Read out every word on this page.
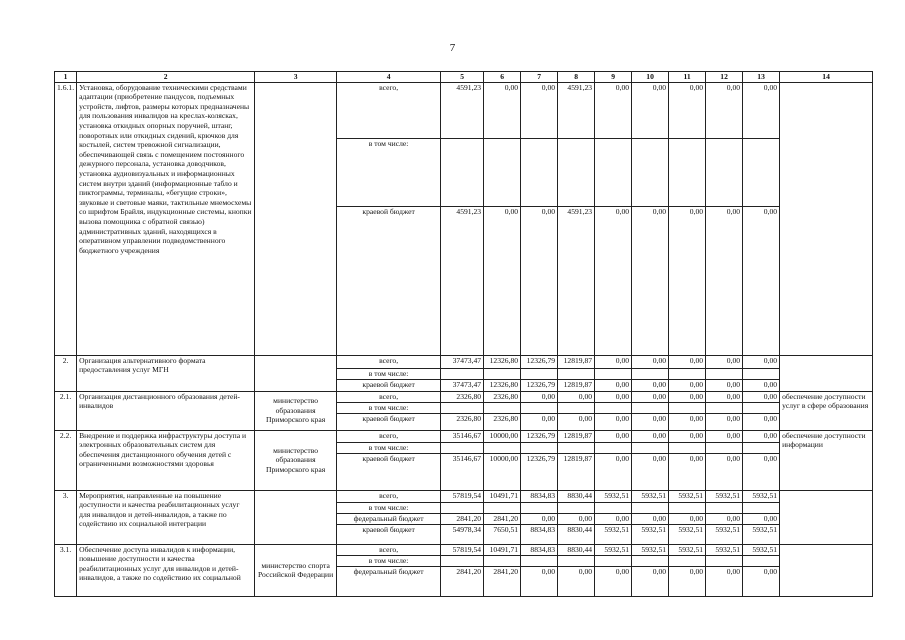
7
1	2	3	4	5	6	7	8	9	10	11	12	13	14
1.6.1.	Установка, оборудование техническими средствами адаптации (приобретение пандусов, подъемных устройств, лифтов, размеры которых предназначены для пользования инвалидов на креслах-колясках, установка откидных опорных поручней, штанг, поворотных или откидных сидений, крючков для костылей, систем тревожной сигнализации, обеспечивающей связь с помещением постоянного дежурного персонала, установка доводчиков, установка аудиовизуальных и информационных систем внутри зданий (информационные табло и пиктограммы, терминалы, «бегущие строки», звуковые и световые маяки, тактильные мнемосхемы со шрифтом Брайля, индукционные системы, кнопки вызова помощника с обратной связью) административных зданий, находящихся в оперативном управлении подведомственного бюджетного учреждения		всего,	4591,23	0,00	0,00	4591,23	0,00	0,00	0,00	0,00	0,00	
			в том числе:										
			краевой бюджет	4591,23	0,00	0,00	4591,23	0,00	0,00	0,00	0,00	0,00	
2.	Организация альтернативного формата предоставления услуг МГН		всего,	37473,47	12326,80	12326,79	12819,87	0,00	0,00	0,00	0,00	0,00	
			в том числе:										
			краевой бюджет	37473,47	12326,80	12326,79	12819,87	0,00	0,00	0,00	0,00	0,00	
2.1.	Организация дистанционного образования детей-инвалидов	министерство образования Приморского края	всего,	2326,80	2326,80	0,00	0,00	0,00	0,00	0,00	0,00	0,00	обеспечение доступности услуг в сфере образования
			в том числе:										
			краевой бюджет	2326,80	2326,80	0,00	0,00	0,00	0,00	0,00	0,00	0,00	
2.2.	Внедрение и поддержка инфраструктуры доступа и электронных образовательных систем для обеспечения дистанционного обучения детей с ограниченными возможностями здоровья	министерство образования Приморского края	всего,	35146,67	10000,00	12326,79	12819,87	0,00	0,00	0,00	0,00	0,00	обеспечение доступности информации
			в том числе:										
			краевой бюджет	35146,67	10000,00	12326,79	12819,87	0,00	0,00	0,00	0,00	0,00	
3.	Мероприятия, направленные на повышение доступности и качества реабилитационных услуг для инвалидов и детей-инвалидов, а также по содействию их социальной интеграции		всего,	57819,54	10491,71	8834,83	8830,44	5932,51	5932,51	5932,51	5932,51	5932,51	
			в том числе:										
			федеральный бюджет	2841,20	2841,20	0,00	0,00	0,00	0,00	0,00	0,00	0,00	
			краевой бюджет	54978,34	7650,51	8834,83	8830,44	5932,51	5932,51	5932,51	5932,51	5932,51	
3.1.	Обеспечение доступа инвалидов к информации, повышение доступности и качества реабилитационных услуг для инвалидов и детей-инвалидов, а также по содействию их социальной	министерство спорта Российской Федерации	всего,	57819,54	10491,71	8834,83	8830,44	5932,51	5932,51	5932,51	5932,51	5932,51	
			в том числе:										
			федеральный бюджет	2841,20	2841,20	0,00	0,00	0,00	0,00	0,00	0,00	0,00	
